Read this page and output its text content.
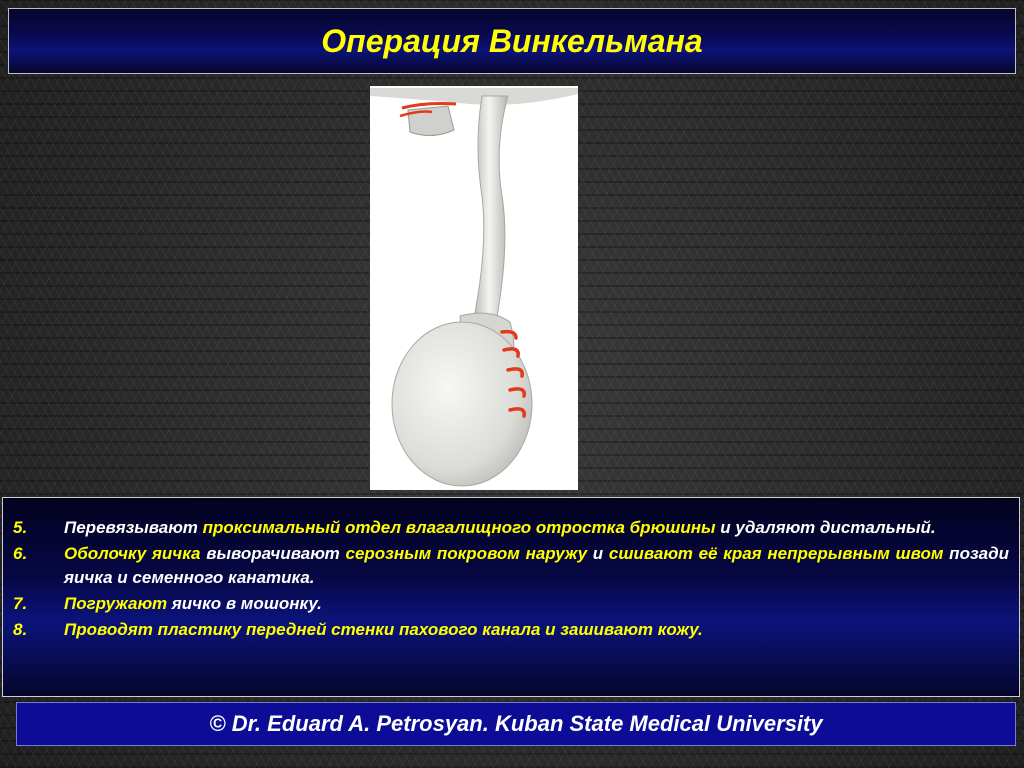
Операция Винкельмана
5.	Перевязывают проксимальный отдел влагалищного отростка брюшины и удаляют дистальный.
6.	Оболочку яичка выворачивают серозным покровом наружу и сшивают её края непрерывным швом позади яичка и семенного канатика.
7.	Погружают яичко в мошонку.
8.	Проводят пластику передней стенки пахового канала и зашивают кожу.
© Dr. Eduard A. Petrosyan. Kuban State Medical University
